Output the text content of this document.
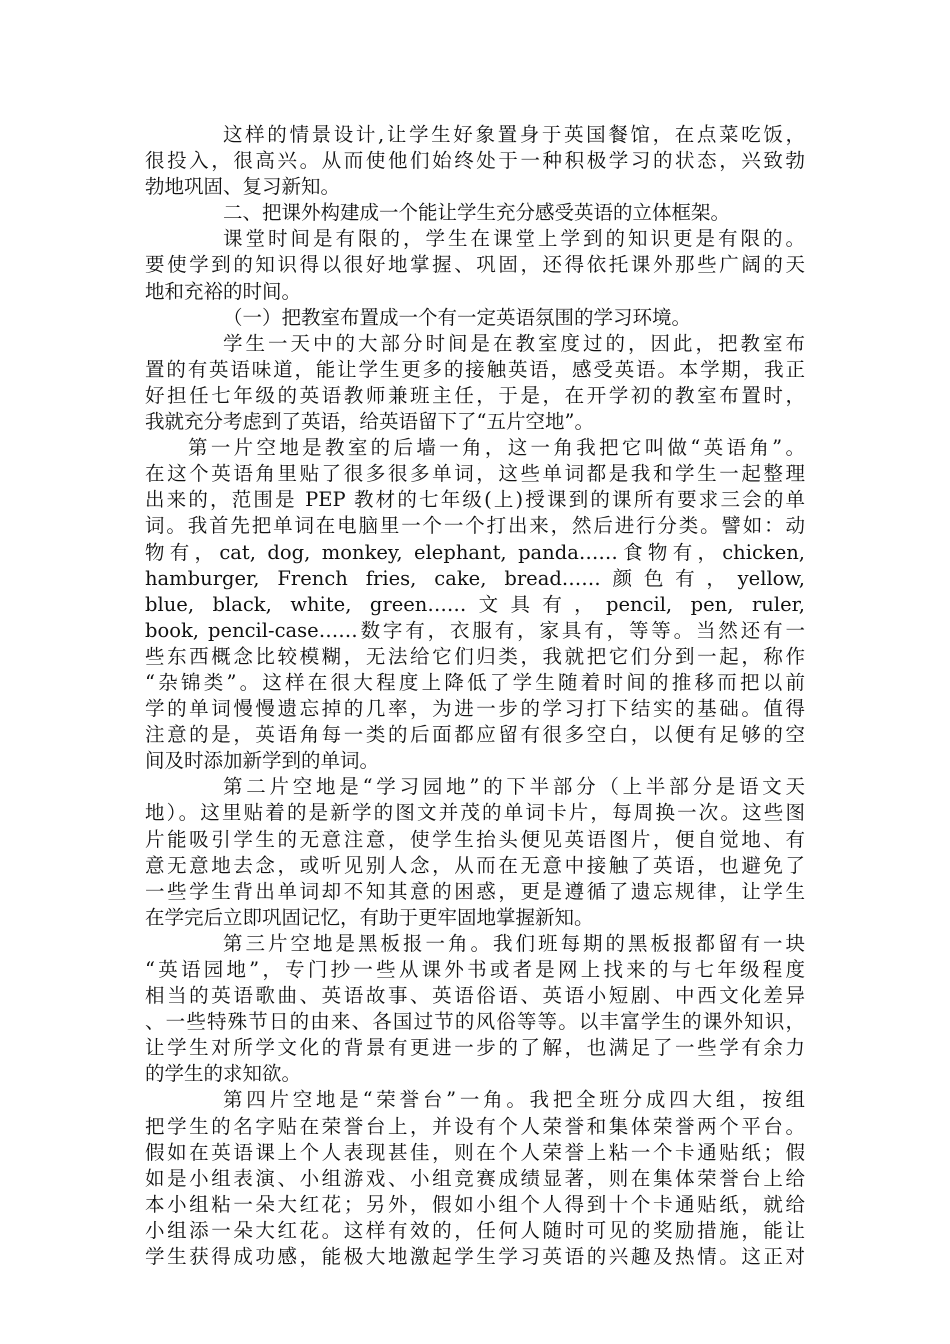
这样的情景设计,让学生好象置身于英国餐馆，在点菜吃饭，
很投入，很高兴。从而使他们始终处于一种积极学习的状态，兴致勃
勃地巩固、复习新知。
二、把课外构建成一个能让学生充分感受英语的立体框架。
课堂时间是有限的，学生在课堂上学到的知识更是有限的。
要使学到的知识得以很好地掌握、巩固，还得依托课外那些广阔的天
地和充裕的时间。
（一）把教室布置成一个有一定英语氛围的学习环境。
学生一天中的大部分时间是在教室度过的，因此，把教室布
置的有英语味道，能让学生更多的接触英语，感受英语。本学期，我正
好担任七年级的英语教师兼班主任，于是，在开学初的教室布置时，
我就充分考虑到了英语，给英语留下了“五片空地”。
第一片空地是教室的后墙一角，这一角我把它叫做“英语角”。
在这个英语角里贴了很多很多单词，这些单词都是我和学生一起整理
出来的，范围是 PEP 教材的七年级(上)授课到的课所有要求三会的单
词。我首先把单词在电脑里一个一个打出来，然后进行分类。譬如：动
物有，cat, dog, monkey, elephant, panda……食物有，chicken,
hamburger, French fries, cake, bread……颜色有，yellow,
blue, black, white, green……文具有，pencil, pen, ruler,
book, pencil-case……数字有，衣服有，家具有，等等。当然还有一
些东西概念比较模糊，无法给它们归类，我就把它们分到一起，称作
“杂锦类”。这样在很大程度上降低了学生随着时间的推移而把以前
学的单词慢慢遗忘掉的几率，为进一步的学习打下结实的基础。值得
注意的是，英语角每一类的后面都应留有很多空白，以便有足够的空
间及时添加新学到的单词。
第二片空地是“学习园地”的下半部分（上半部分是语文天
地）。这里贴着的是新学的图文并茂的单词卡片，每周换一次。这些图
片能吸引学生的无意注意，使学生抬头便见英语图片，便自觉地、有
意无意地去念，或听见别人念，从而在无意中接触了英语，也避免了
一些学生背出单词却不知其意的困惑，更是遵循了遗忘规律，让学生
在学完后立即巩固记忆，有助于更牢固地掌握新知。
第三片空地是黑板报一角。我们班每期的黑板报都留有一块
“英语园地”，专门抄一些从课外书或者是网上找来的与七年级程度
相当的英语歌曲、英语故事、英语俗语、英语小短剧、中西文化差异
、一些特殊节日的由来、各国过节的风俗等等。以丰富学生的课外知识，
让学生对所学文化的背景有更进一步的了解，也满足了一些学有余力
的学生的求知欲。
第四片空地是“荣誉台”一角。我把全班分成四大组，按组
把学生的名字贴在荣誉台上，并设有个人荣誉和集体荣誉两个平台。
假如在英语课上个人表现甚佳，则在个人荣誉上粘一个卡通贴纸；假
如是小组表演、小组游戏、小组竞赛成绩显著，则在集体荣誉台上给
本小组粘一朵大红花；另外，假如小组个人得到十个卡通贴纸，就给
小组添一朵大红花。这样有效的，任何人随时可见的奖励措施，能让
学生获得成功感，能极大地激起学生学习英语的兴趣及热情。这正对
